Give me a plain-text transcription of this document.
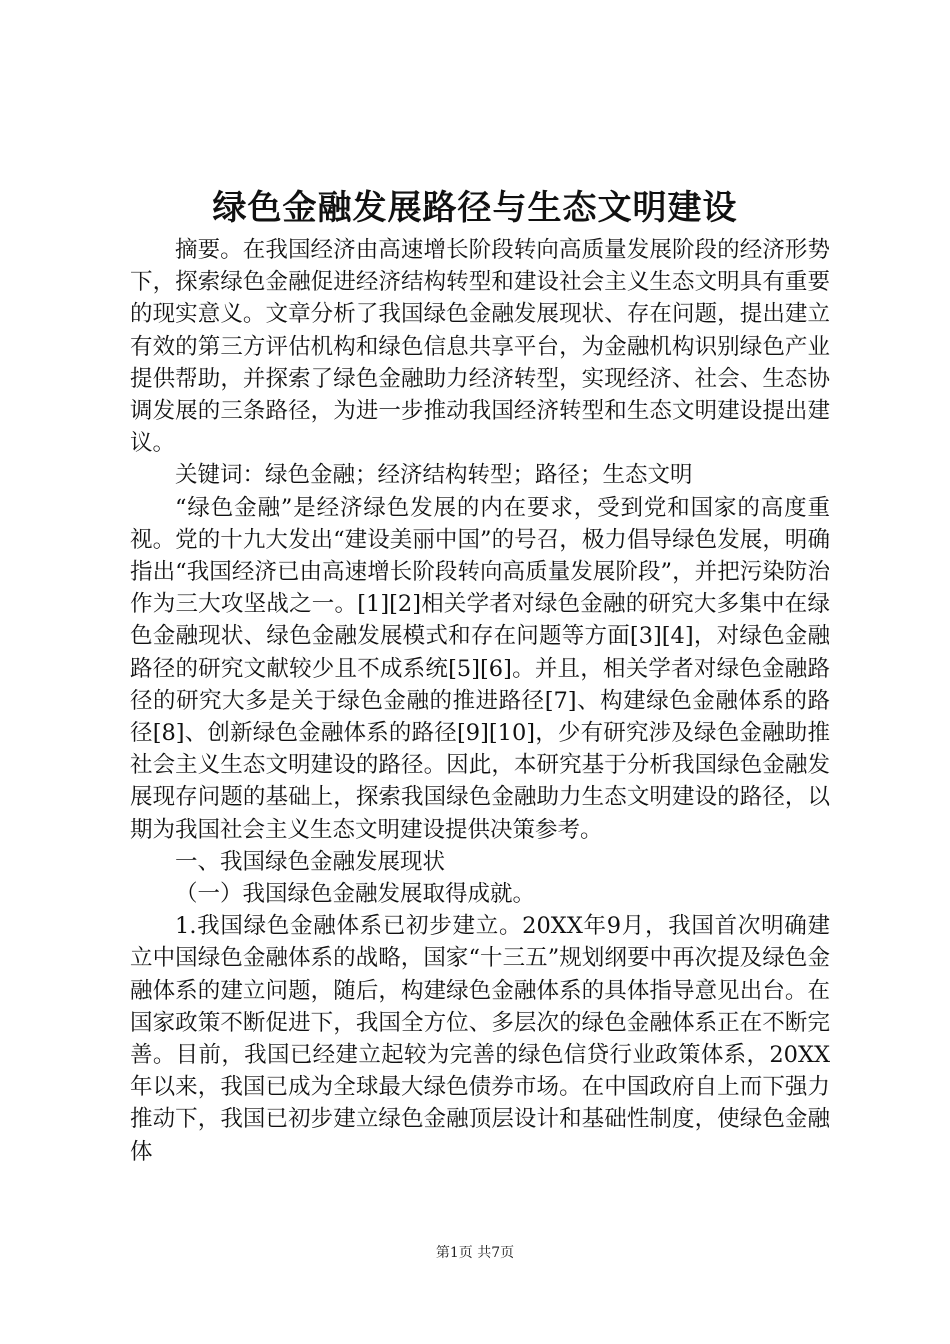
绿色金融发展路径与生态文明建设

摘要。在我国经济由高速增长阶段转向高质量发展阶段的经济形势下，探索绿色金融促进经济结构转型和建设社会主义生态文明具有重要的现实意义。文章分析了我国绿色金融发展现状、存在问题，提出建立有效的第三方评估机构和绿色信息共享平台，为金融机构识别绿色产业提供帮助，并探索了绿色金融助力经济转型，实现经济、社会、生态协调发展的三条路径，为进一步推动我国经济转型和生态文明建设提出建议。

关键词：绿色金融；经济结构转型；路径；生态文明

“绿色金融”是经济绿色发展的内在要求，受到党和国家的高度重视。党的十九大发出“建设美丽中国”的号召，极力倡导绿色发展，明确指出“我国经济已由高速增长阶段转向高质量发展阶段”，并把污染防治作为三大攻坚战之一。[1][2]相关学者对绿色金融的研究大多集中在绿色金融现状、绿色金融发展模式和存在问题等方面[3][4]，对绿色金融路径的研究文献较少且不成系统[5][6]。并且，相关学者对绿色金融路径的研究大多是关于绿色金融的推进路径[7]、构建绿色金融体系的路径[8]、创新绿色金融体系的路径[9][10]，少有研究涉及绿色金融助推社会主义生态文明建设的路径。因此，本研究基于分析我国绿色金融发展现存问题的基础上，探索我国绿色金融助力生态文明建设的路径，以期为我国社会主义生态文明建设提供决策参考。

一、我国绿色金融发展现状

（一）我国绿色金融发展取得成就。

1.我国绿色金融体系已初步建立。20XX年9月，我国首次明确建立中国绿色金融体系的战略，国家“十三五”规划纲要中再次提及绿色金融体系的建立问题，随后，构建绿色金融体系的具体指导意见出台。在国家政策不断促进下，我国全方位、多层次的绿色金融体系正在不断完善。目前，我国已经建立起较为完善的绿色信贷行业政策体系，20XX年以来，我国已成为全球最大绿色债券市场。在中国政府自上而下强力推动下，我国已初步建立绿色金融顶层设计和基础性制度，使绿色金融体

第1页 共7页
